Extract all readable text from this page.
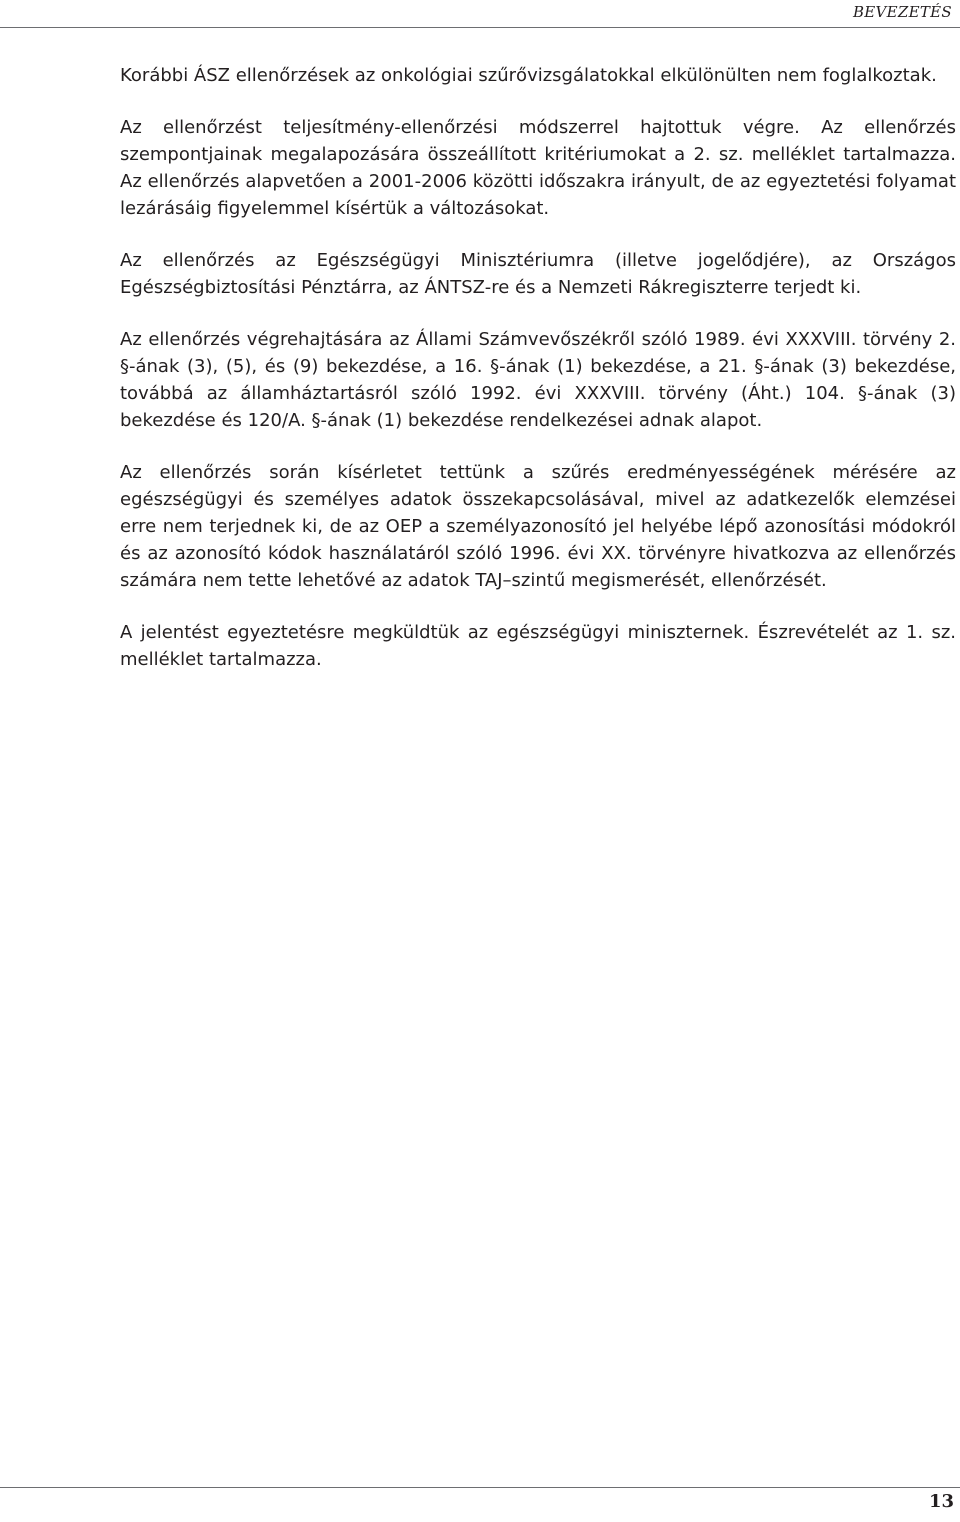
BEVEZETÉS

Korábbi ÁSZ ellenőrzések az onkológiai szűrővizsgálatokkal elkülönülten nem foglalkoztak.

Az ellenőrzést teljesítmény-ellenőrzési módszerrel hajtottuk végre. Az ellenőrzés szempontjainak megalapozására összeállított kritériumokat a 2. sz. melléklet tartalmazza. Az ellenőrzés alapvetően a 2001-2006 közötti időszakra irányult, de az egyeztetési folyamat lezárásáig figyelemmel kísértük a változásokat.

Az ellenőrzés az Egészségügyi Minisztériumra (illetve jogelődjére), az Országos Egészségbiztosítási Pénztárra, az ÁNTSZ-re és a Nemzeti Rákregiszterre terjedt ki.

Az ellenőrzés végrehajtására az Állami Számvevőszékről szóló 1989. évi XXXVIII. törvény 2. §-ának (3), (5), és (9) bekezdése, a 16. §-ának (1) bekezdése, a 21. §-ának (3) bekezdése, továbbá az államháztartásról szóló 1992. évi XXXVIII. törvény (Áht.) 104. §-ának (3) bekezdése és 120/A. §-ának (1) bekezdése rendelkezései adnak alapot.

Az ellenőrzés során kísérletet tettünk a szűrés eredményességének mérésére az egészségügyi és személyes adatok összekapcsolásával, mivel az adatkezelők elemzései erre nem terjednek ki, de az OEP a személyazonosító jel helyébe lépő azonosítási módokról és az azonosító kódok használatáról szóló 1996. évi XX. törvényre hivatkozva az ellenőrzés számára nem tette lehetővé az adatok TAJ–szintű megismerését, ellenőrzését.

A jelentést egyeztetésre megküldtük az egészségügyi miniszternek. Észrevételét az 1. sz. melléklet tartalmazza.

13
